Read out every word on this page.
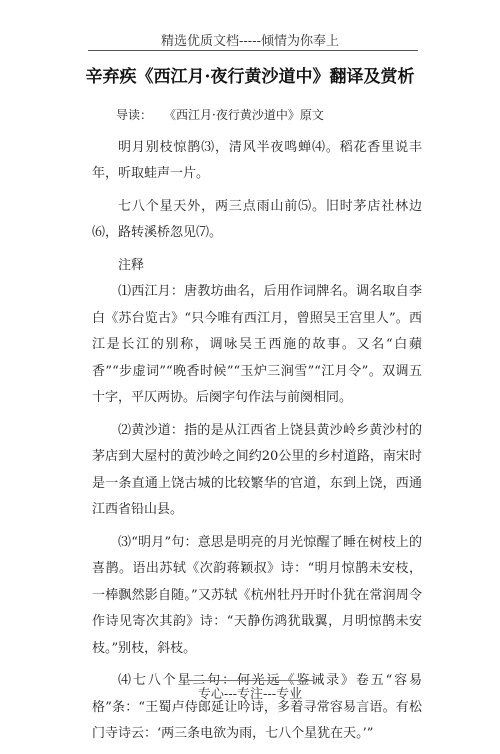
精选优质文档-----倾情为你奉上
辛弃疾《西江月·夜行黄沙道中》翻译及赏析

导读：　　《西江月·夜行黄沙道中》原文

明月别枝惊鹊⑶，清风半夜鸣蝉⑷。稻花香里说丰年，听取蛙声一片。

七八个星天外，两三点雨山前⑸。旧时茅店社林边⑹，路转溪桥忽见⑺。

注释

⑴西江月：唐教坊曲名，后用作词牌名。调名取自李白《苏台览古》“只今唯有西江月，曾照吴王宫里人”。西江是长江的别称，调咏吴王西施的故事。又名“白蘋香”“步虚词”“晚香时候”“玉炉三涧雪”“江月令”。双调五十字，平仄两协。后阕字句作法与前阕相同。

⑵黄沙道：指的是从江西省上饶县黄沙岭乡黄沙村的茅店到大屋村的黄沙岭之间约20公里的乡村道路，南宋时是一条直通上饶古城的比较繁华的官道，东到上饶，西通江西省铅山县。

⑶“明月”句：意思是明亮的月光惊醒了睡在树枝上的喜鹊。语出苏轼《次韵蒋颖叔》诗：“明月惊鹊未安枝，一棒飘然影自随。”又苏轼《杭州牡丹开时仆犹在常润周令作诗见寄次其韵》诗：“天静伤鸿犹戢翼，月明惊鹊未安枝。”别枝，斜枝。

⑷七八个星二句：何光远《鉴诫录》卷五“容易格”条：“王蜀卢侍郎延让吟诗，多着寻常容易言语。有松门寺诗云：‘两三条电欲为雨，七八个星犹在天。’”

专心---专注---专业
